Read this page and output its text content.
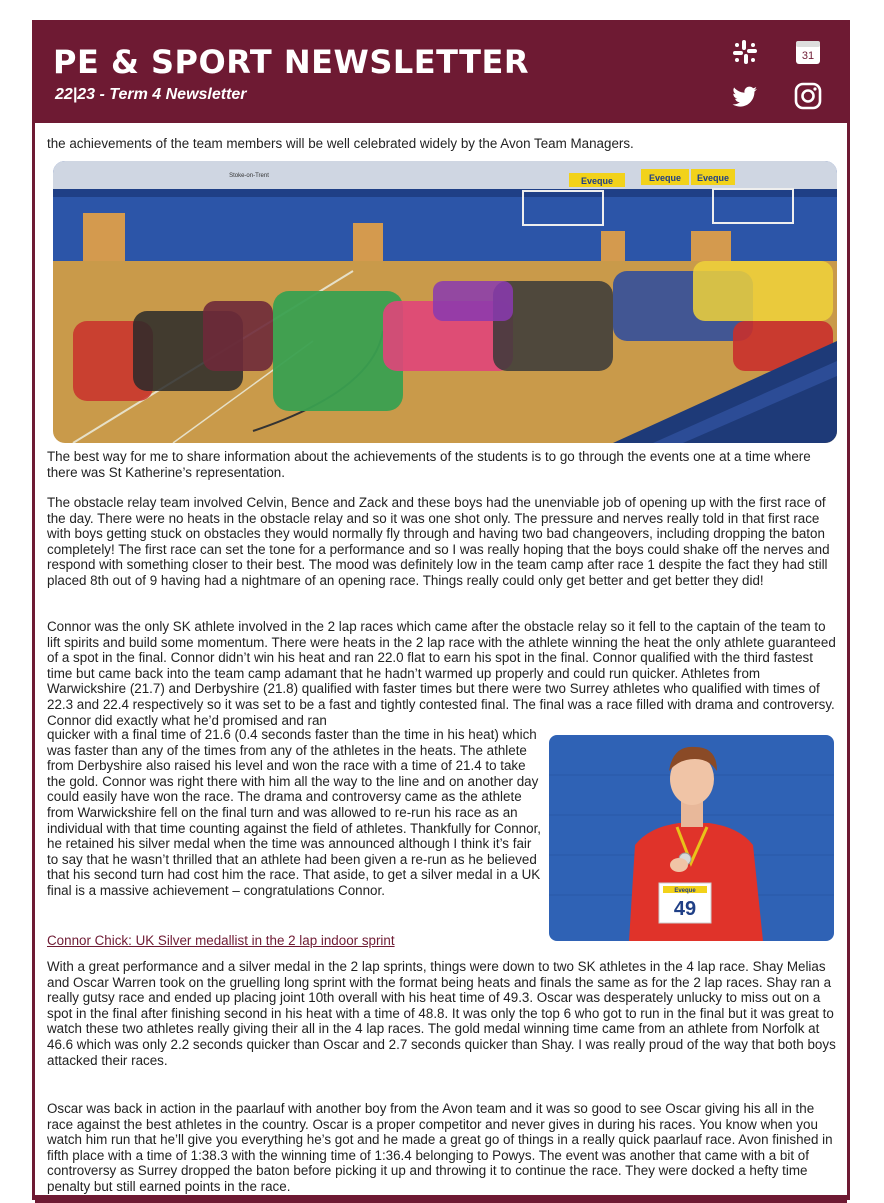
PE & SPORT NEWSLETTER
22|23 - Term 4 Newsletter
31

the achievements of the team members will be well celebrated widely by the Avon Team Managers.

Eveque	Eveque Eveque
Stoke-on-Trent

The best way for me to share information about the achievements of the students is to go through the events one at a time where there was St Katherine’s representation.

The obstacle relay team involved Celvin, Bence and Zack and these boys had the unenviable job of opening up with the first race of the day. There were no heats in the obstacle relay and so it was one shot only. The pressure and nerves really told in that first race with boys getting stuck on obstacles they would normally fly through and having two bad changeovers, including dropping the baton completely! The first race can set the tone for a performance and so I was really hoping that the boys could shake off the nerves and respond with something closer to their best. The mood was definitely low in the team camp after race 1 despite the fact they had still placed 8th out of 9 having had a nightmare of an opening race. Things really could only get better and get better they did!

Connor was the only SK athlete involved in the 2 lap races which came after the obstacle relay so it fell to the captain of the team to lift spirits and build some momentum. There were heats in the 2 lap race with the athlete winning the heat the only athlete guaranteed of a spot in the final. Connor didn’t win his heat and ran 22.0 flat to earn his spot in the final. Connor qualified with the third fastest time but came back into the team camp adamant that he hadn’t warmed up properly and could run quicker. Athletes from Warwickshire (21.7) and Derbyshire (21.8) qualified with faster times but there were two Surrey athletes who qualified with times of 22.3 and 22.4 respectively so it was set to be a fast and tightly contested final. The final was a race filled with drama and controversy. Connor did exactly what he’d promised and ran

quicker with a final time of 21.6 (0.4 seconds faster than the time in his heat) which was faster than any of the times from any of the athletes in the heats. The athlete from Derbyshire also raised his level and won the race with a time of 21.4 to take the gold. Connor was right there with him all the way to the line and on another day could easily have won the race. The drama and controversy came as the athlete from Warwickshire fell on the final turn and was allowed to re-run his race as an individual with that time counting against the field of athletes. Thankfully for Connor, he retained his silver medal when the time was announced although I think it’s fair to say that he wasn’t thrilled that an athlete had been given a re-run as he believed that his second turn had cost him the race. That aside, to get a silver medal in a UK final is a massive achievement – congratulations Connor.	Eveque
49
Connor Chick: UK Silver medallist in the 2 lap indoor sprint

With a great performance and a silver medal in the 2 lap sprints, things were down to two SK athletes in the 4 lap race. Shay Melias and Oscar Warren took on the gruelling long sprint with the format being heats and finals the same as for the 2 lap races. Shay ran a really gutsy race and ended up placing joint 10th overall with his heat time of 49.3. Oscar was desperately unlucky to miss out on a spot in the final after finishing second in his heat with a time of 48.8. It was only the top 6 who got to run in the final but it was great to watch these two athletes really giving their all in the 4 lap races. The gold medal winning time came from an athlete from Norfolk at 46.6 which was only 2.2 seconds quicker than Oscar and 2.7 seconds quicker than Shay. I was really proud of the way that both boys attacked their races.

Oscar was back in action in the paarlauf with another boy from the Avon team and it was so good to see Oscar giving his all in the race against the best athletes in the country. Oscar is a proper competitor and never gives in during his races. You know when you watch him run that he’ll give you everything he’s got and he made a great go of things in a really quick paarlauf race. Avon finished in fifth place with a time of 1:38.3 with the winning time of 1:36.4 belonging to Powys. The event was another that came with a bit of controversy as Surrey dropped the baton before picking it up and throwing it to continue the race. They were docked a hefty time penalty but still earned points in the race.
